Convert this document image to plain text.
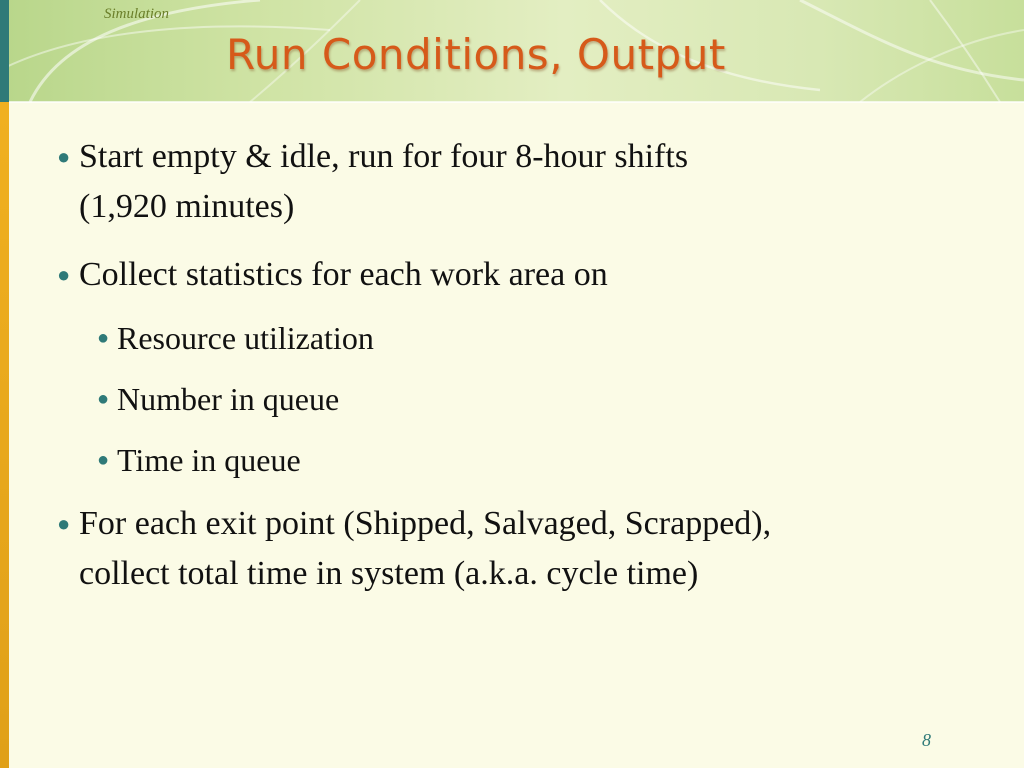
Simulation
Run Conditions, Output
● Start empty & idle, run for four 8-hour shifts
(1,920 minutes)
● Collect statistics for each work area on
● Resource utilization
● Number in queue
● Time in queue
● For each exit point (Shipped, Salvaged, Scrapped),
collect total time in system (a.k.a. cycle time)
8
